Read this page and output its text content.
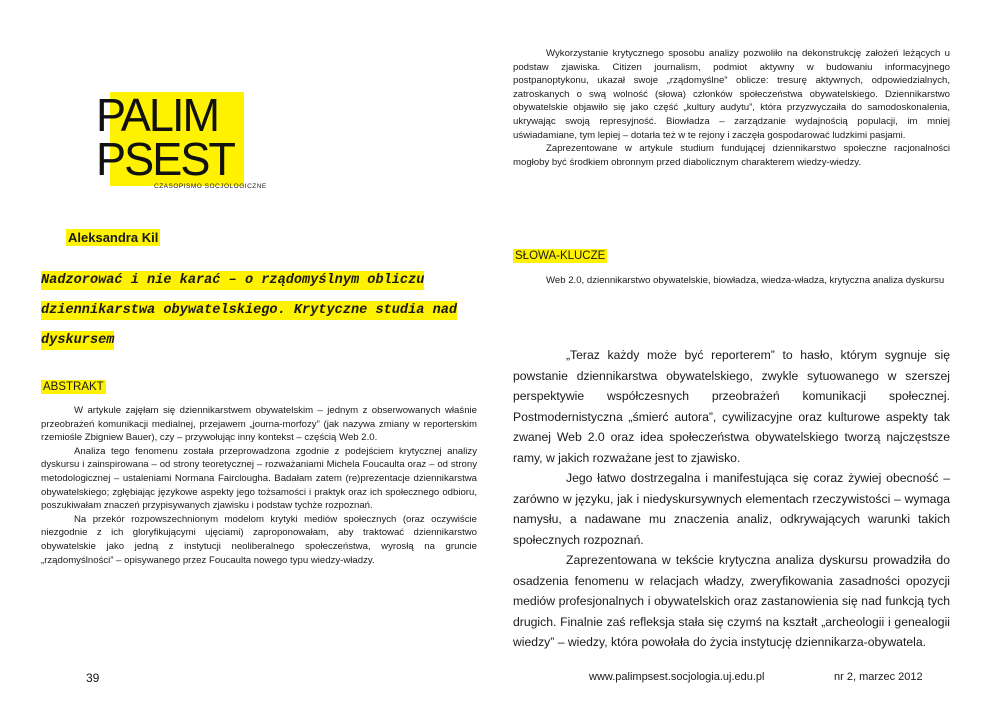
PALIM
PSEST
CZASOPISMO SOCJOLOGICZNE
Aleksandra Kil
Nadzorować i nie karać – o rządomyślnym obliczu dziennikarstwa obywatelskiego. Krytyczne studia nad dyskursem
ABSTRAKT

W artykule zajęłam się dziennikarstwem obywatelskim – jednym z obserwowanych właśnie przeobrażeń komunikacji medialnej, przejawem „journa-morfozy” (jak nazywa zmiany w reporterskim rzemiośle Zbigniew Bauer), czy – przywołując inny kontekst – częścią Web 2.0.

Analiza tego fenomenu została przeprowadzona zgodnie z podejściem krytycznej analizy dyskursu i zainspirowana – od strony teoretycznej – rozważaniami Michela Foucaulta oraz – od strony metodologicznej – ustaleniami Normana Fairclougha. Badałam zatem (re)prezentacje dziennikarstwa obywatelskiego; zgłębiając językowe aspekty jego tożsamości i praktyk oraz ich społecznego odbioru, poszukiwałam znaczeń przypisywanych zjawisku i podstaw tychże rozpoznań.

Na przekór rozpowszechnionym modelom krytyki mediów społecznych (oraz oczywiście niezgodnie z ich gloryfikującymi ujęciami) zaproponowałam, aby traktować dziennikarstwo obywatelskie jako jedną z instytucji neoliberalnego społeczeństwa, wyrosłą na gruncie „rządomyślności” – opisywanego przez Foucaulta nowego typu wiedzy-władzy.

Wykorzystanie krytycznego sposobu analizy pozwoliło na dekonstrukcję założeń leżących u podstaw zjawiska. Citizen journalism, podmiot aktywny w budowaniu informacyjnego postpanoptykonu, ukazał swoje „rządomyślne” oblicze: tresurę aktywnych, odpowiedzialnych, zatroskanych o swą wolność (słowa) członków społeczeństwa obywatelskiego. Dziennikarstwo obywatelskie objawiło się jako część „kultury audytu”, która przyzwyczaiła do samodoskonalenia, ukrywając swoją represyjność. Biowładza – zarządzanie wydajnością populacji, im mniej uświadamiane, tym lepiej – dotarła też w te rejony i zaczęła gospodarować ludzkimi pasjami.

Zaprezentowane w artykule studium fundującej dziennikarstwo społeczne racjonalności mogłoby być środkiem obronnym przed diabolicznym charakterem wiedzy-wiedzy.

SŁOWA-KLUCZE

Web 2.0, dziennikarstwo obywatelskie, biowładza, wiedza-władza, krytyczna analiza dyskursu

„Teraz każdy może być reporterem” to hasło, którym sygnuje się powstanie dziennikarstwa obywatelskiego, zwykle sytuowanego w szerszej perspektywie współczesnych przeobrażeń komunikacji społecznej. Postmodernistyczna „śmierć autora”, cywilizacyjne oraz kulturowe aspekty tak zwanej Web 2.0 oraz idea społeczeństwa obywatelskiego tworzą najczęstsze ramy, w jakich rozważane jest to zjawisko.

Jego łatwo dostrzegalna i manifestująca się coraz żywiej obecność – zarówno w języku, jak i niedyskursywnych elementach rzeczywistości – wymaga namysłu, a nadawane mu znaczenia analiz, odkrywających warunki takich społecznych rozpoznań.

Zaprezentowana w tekście krytyczna analiza dyskursu prowadziła do osadzenia fenomenu w relacjach władzy, zweryfikowania zasadności opozycji mediów profesjonalnych i obywatelskich oraz zastanowienia się nad funkcją tych drugich. Finalnie zaś refleksja stała się czymś na kształt „archeologii i genealogii wiedzy” – wiedzy, która powołała do życia instytucję dziennikarza-obywatela.

39	www.palimpsest.socjologia.uj.edu.pl	nr 2, marzec 2012
